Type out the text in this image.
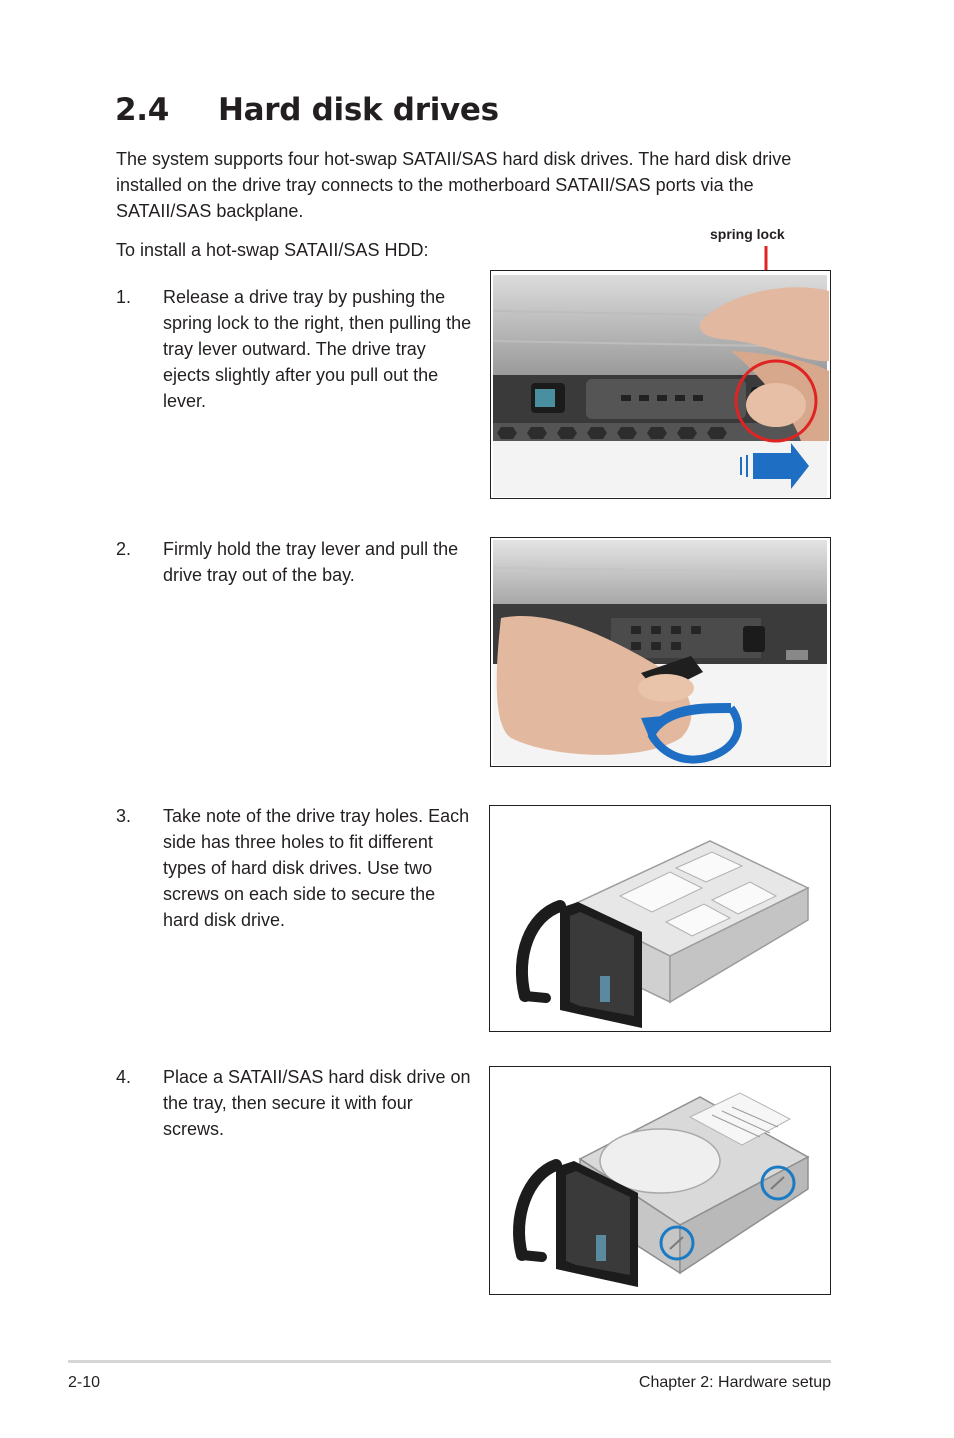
2.4 Hard disk drives

The system supports four hot-swap SATAII/SAS hard disk drives. The hard disk drive installed on the drive tray connects to the motherboard SATAII/SAS ports via the SATAII/SAS backplane.

To install a hot-swap SATAII/SAS HDD:

1. Release a drive tray by pushing the spring lock to the right, then pulling the tray lever outward. The drive tray ejects slightly after you pull out the lever.
2. Firmly hold the tray lever and pull the drive tray out of the bay.
3. Take note of the drive tray holes. Each side has three holes to fit different types of hard disk drives. Use two screws on each side to secure the hard disk drive.
4. Place a SATAII/SAS hard disk drive on the tray, then secure it with four screws.
spring lock
2-10	Chapter 2: Hardware setup
